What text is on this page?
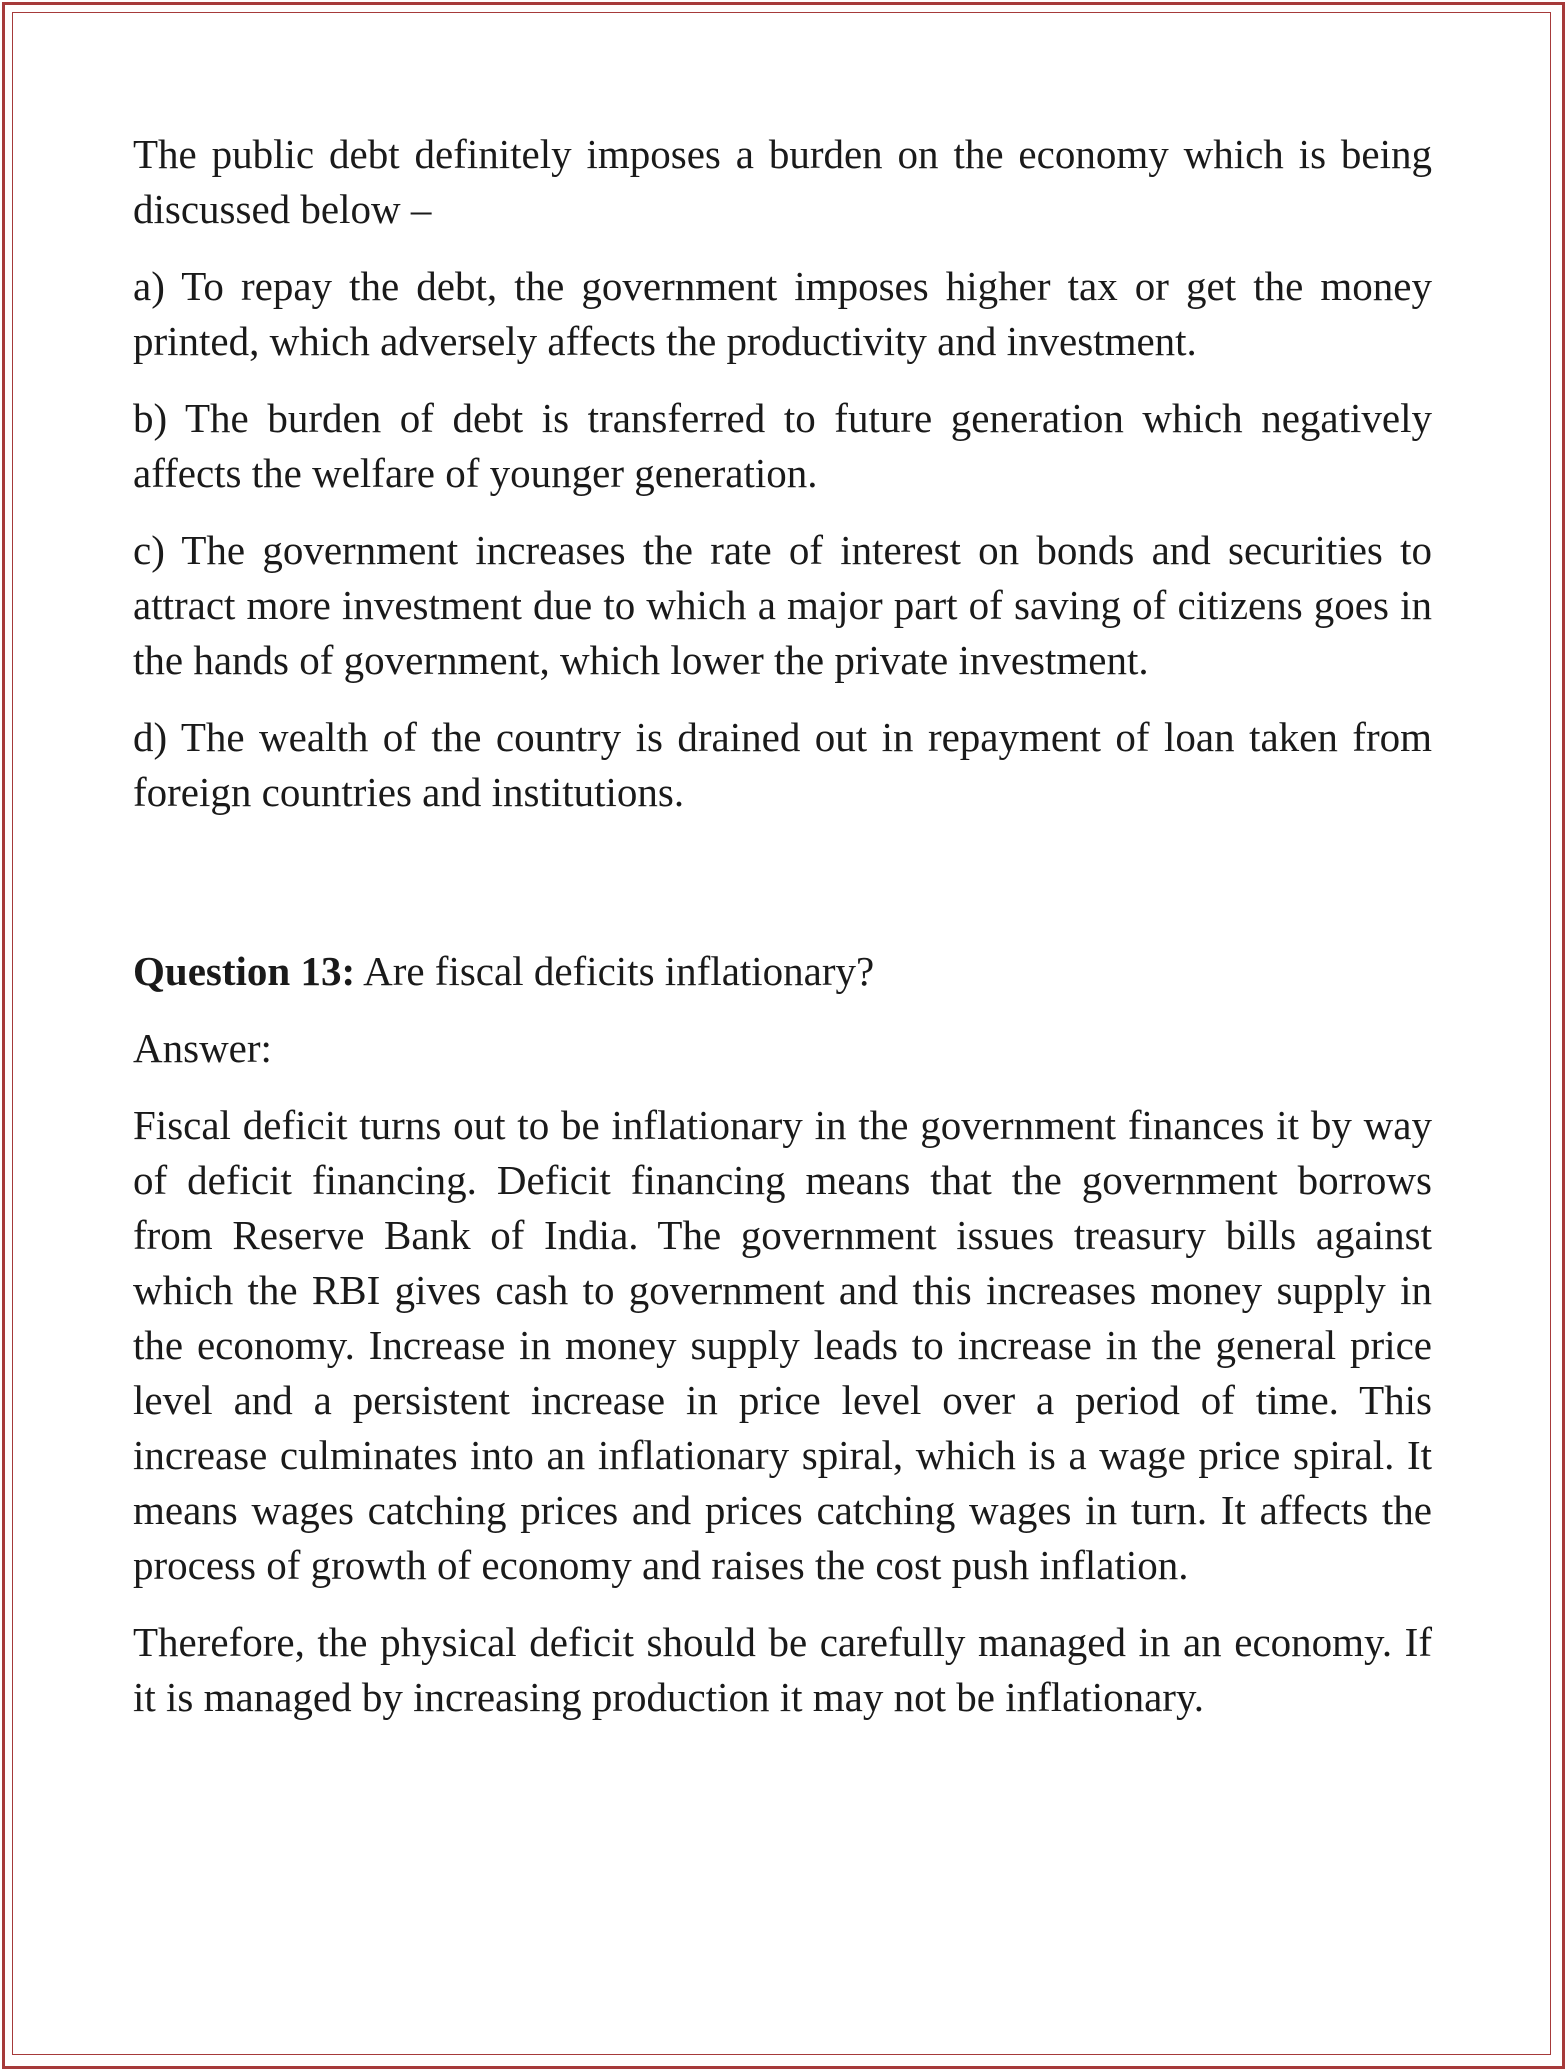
The public debt definitely imposes a burden on the economy which is being discussed below –

a) To repay the debt, the government imposes higher tax or get the money printed, which adversely affects the productivity and investment.

b) The burden of debt is transferred to future generation which negatively affects the welfare of younger generation.

c) The government increases the rate of interest on bonds and securities to attract more investment due to which a major part of saving of citizens goes in the hands of government, which lower the private investment.

d) The wealth of the country is drained out in repayment of loan taken from foreign countries and institutions.

Question 13: Are fiscal deficits inflationary?

Answer:

Fiscal deficit turns out to be inflationary in the government finances it by way of deficit financing. Deficit financing means that the government borrows from Reserve Bank of India. The government issues treasury bills against which the RBI gives cash to government and this increases money supply in the economy. Increase in money supply leads to increase in the general price level and a persistent increase in price level over a period of time. This increase culminates into an inflationary spiral, which is a wage price spiral. It means wages catching prices and prices catching wages in turn. It affects the process of growth of economy and raises the cost push inflation.

Therefore, the physical deficit should be carefully managed in an economy. If it is managed by increasing production it may not be inflationary.
